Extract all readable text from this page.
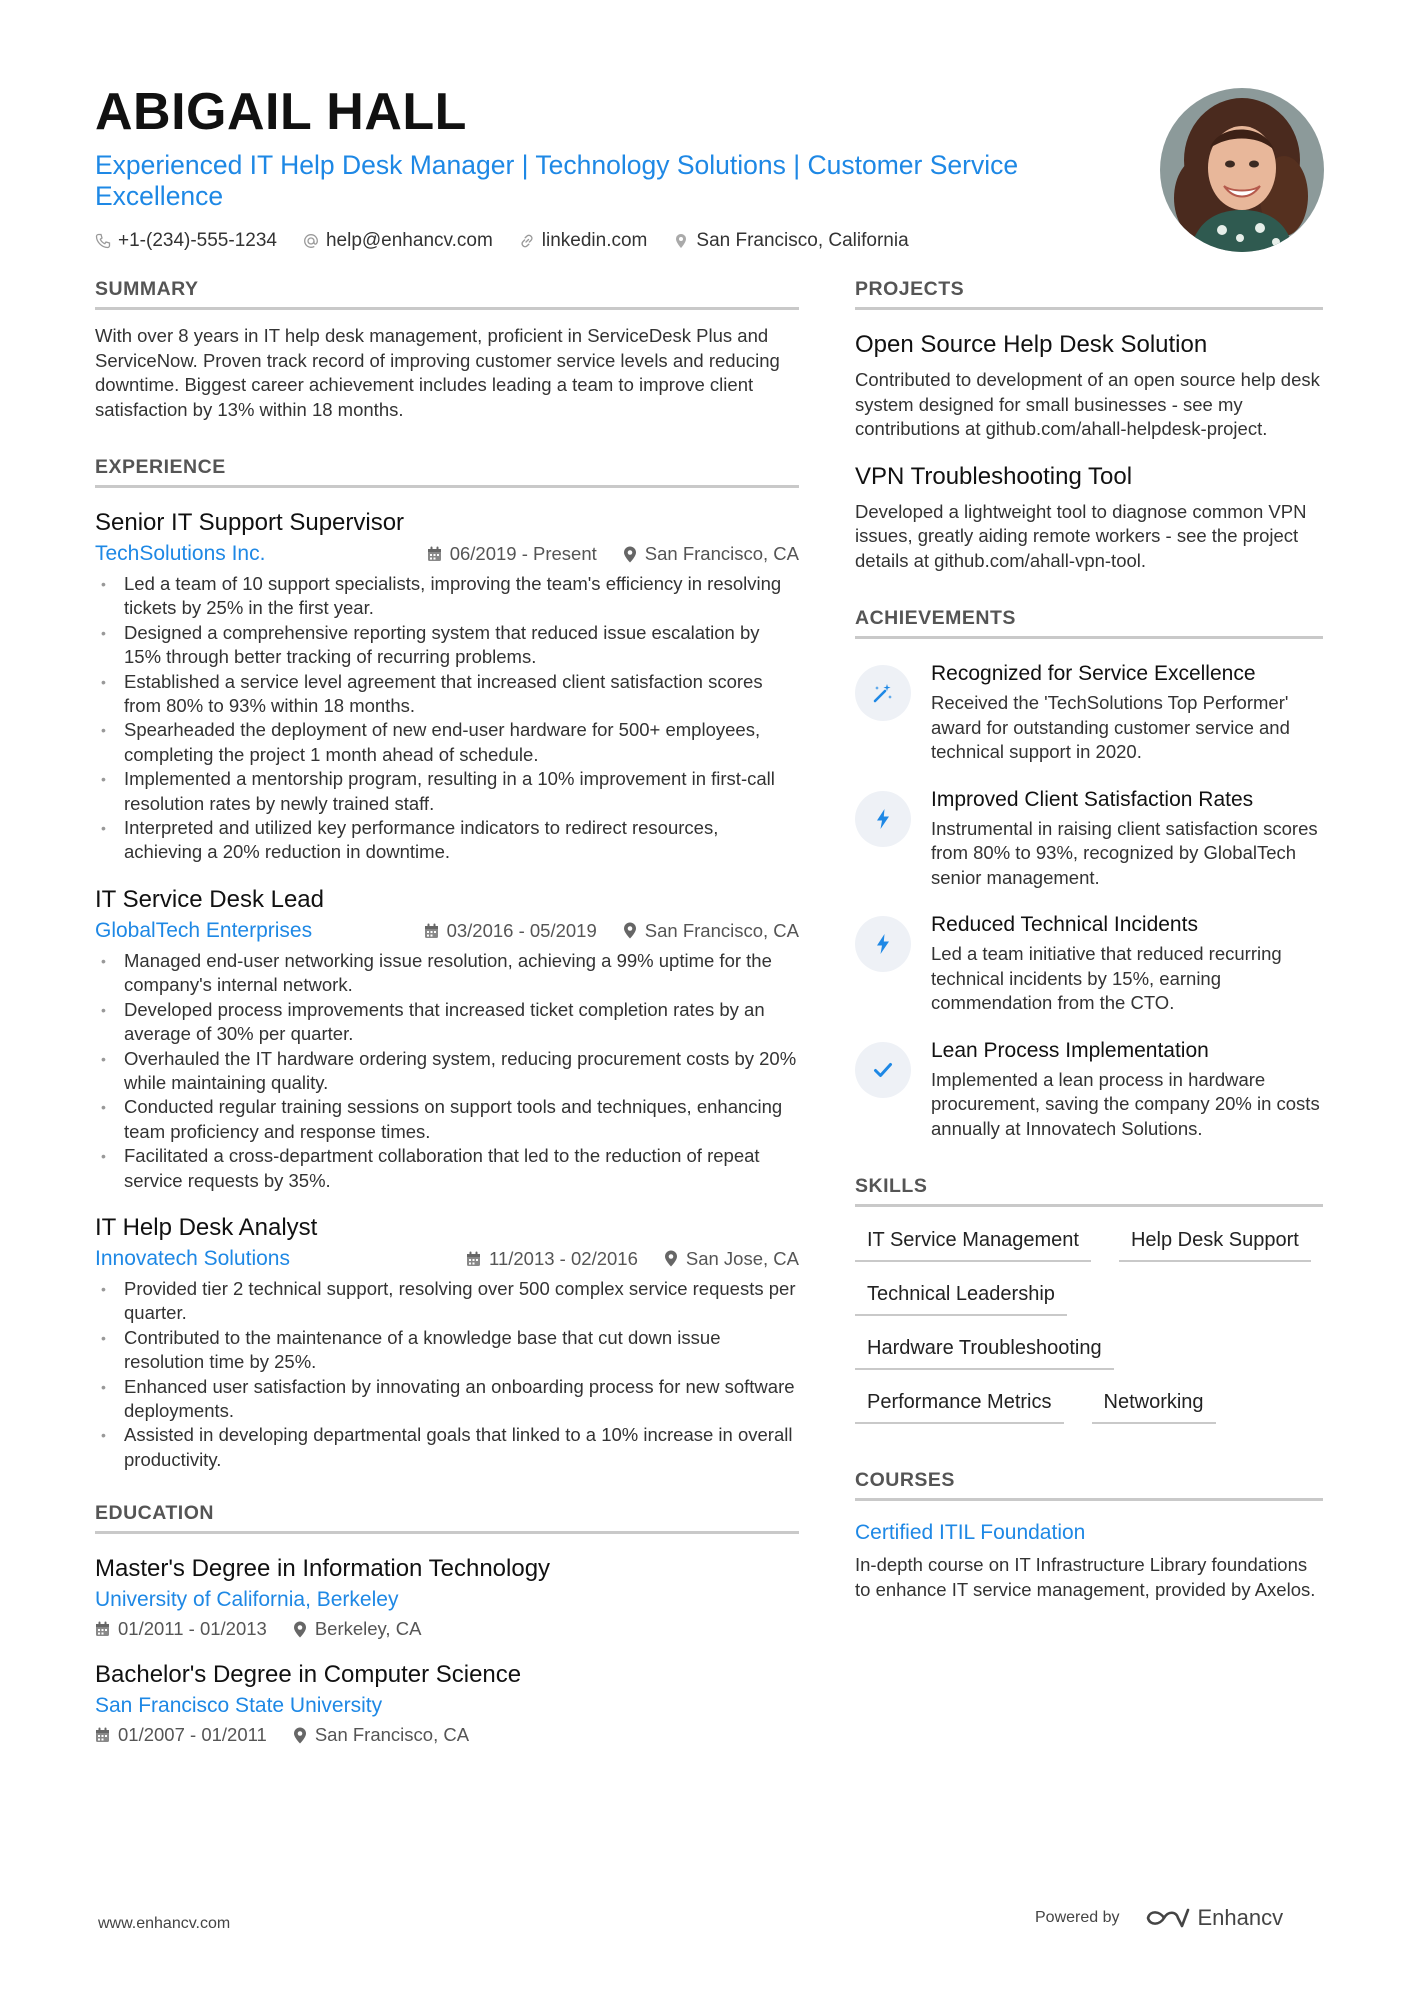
ABIGAIL HALL
Experienced IT Help Desk Manager | Technology Solutions | Customer Service Excellence
+1-(234)-555-1234	help@enhancv.com	linkedin.com	San Francisco, California
SUMMARY
With over 8 years in IT help desk management, proficient in ServiceDesk Plus and ServiceNow. Proven track record of improving customer service levels and reducing downtime. Biggest career achievement includes leading a team to improve client satisfaction by 13% within 18 months.
EXPERIENCE
Senior IT Support Supervisor
TechSolutions Inc.	06/2019 - Present	San Francisco, CA
• Led a team of 10 support specialists, improving the team's efficiency in resolving tickets by 25% in the first year.
• Designed a comprehensive reporting system that reduced issue escalation by 15% through better tracking of recurring problems.
• Established a service level agreement that increased client satisfaction scores from 80% to 93% within 18 months.
• Spearheaded the deployment of new end-user hardware for 500+ employees, completing the project 1 month ahead of schedule.
• Implemented a mentorship program, resulting in a 10% improvement in first-call resolution rates by newly trained staff.
• Interpreted and utilized key performance indicators to redirect resources, achieving a 20% reduction in downtime.
IT Service Desk Lead
GlobalTech Enterprises	03/2016 - 05/2019	San Francisco, CA
• Managed end-user networking issue resolution, achieving a 99% uptime for the company's internal network.
• Developed process improvements that increased ticket completion rates by an average of 30% per quarter.
• Overhauled the IT hardware ordering system, reducing procurement costs by 20% while maintaining quality.
• Conducted regular training sessions on support tools and techniques, enhancing team proficiency and response times.
• Facilitated a cross-department collaboration that led to the reduction of repeat service requests by 35%.
IT Help Desk Analyst
Innovatech Solutions	11/2013 - 02/2016	San Jose, CA
• Provided tier 2 technical support, resolving over 500 complex service requests per quarter.
• Contributed to the maintenance of a knowledge base that cut down issue resolution time by 25%.
• Enhanced user satisfaction by innovating an onboarding process for new software deployments.
• Assisted in developing departmental goals that linked to a 10% increase in overall productivity.
EDUCATION
Master's Degree in Information Technology
University of California, Berkeley
01/2011 - 01/2013	Berkeley, CA
Bachelor's Degree in Computer Science
San Francisco State University
01/2007 - 01/2011	San Francisco, CA
PROJECTS
Open Source Help Desk Solution
Contributed to development of an open source help desk system designed for small businesses - see my contributions at github.com/ahall-helpdesk-project.
VPN Troubleshooting Tool
Developed a lightweight tool to diagnose common VPN issues, greatly aiding remote workers - see the project details at github.com/ahall-vpn-tool.
ACHIEVEMENTS
Recognized for Service Excellence
Received the 'TechSolutions Top Performer' award for outstanding customer service and technical support in 2020.
Improved Client Satisfaction Rates
Instrumental in raising client satisfaction scores from 80% to 93%, recognized by GlobalTech senior management.
Reduced Technical Incidents
Led a team initiative that reduced recurring technical incidents by 15%, earning commendation from the CTO.
Lean Process Implementation
Implemented a lean process in hardware procurement, saving the company 20% in costs annually at Innovatech Solutions.
SKILLS
IT Service Management	Help Desk Support
Technical Leadership
Hardware Troubleshooting
Performance Metrics	Networking
COURSES
Certified ITIL Foundation
In-depth course on IT Infrastructure Library foundations to enhance IT service management, provided by Axelos.
www.enhancv.com	Powered by	Enhancv
